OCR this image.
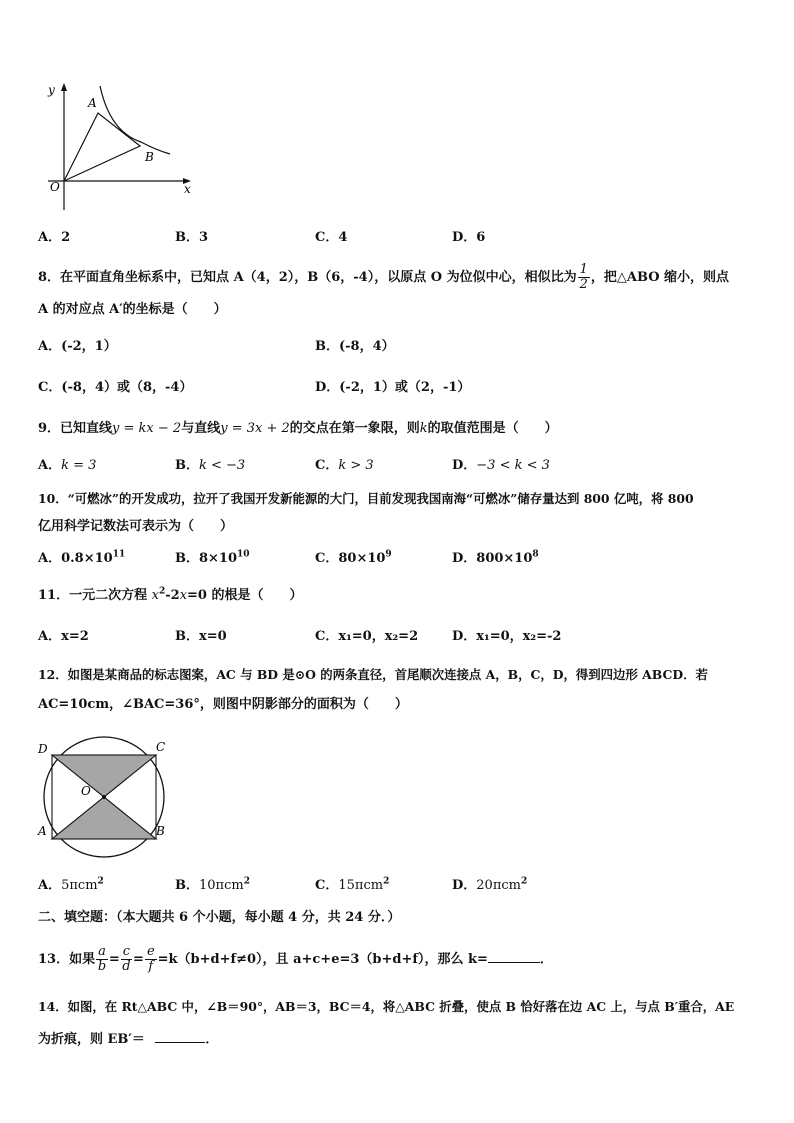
y
x
O
A
B
A．2	B．3	C．4	D．6
8．在平面直角坐标系中，已知点 A（4，2），B（6，-4），以原点 O 为位似中心，相似比为 $\frac{1}{2}$ ，把△ABO 缩小，则点
A 的对应点 A′的坐标是（　　）
A．(-2，1）	B．(-8，4）
C．(-8，4）或（8，-4）	D．(-2，1）或（2，-1）
9．已知直线y = kx − 2与直线y = 3x + 2的交点在第一象限，则k的取值范围是（　　）
A．k = 3	B．k < −3	C．k > 3	D．−3 < k < 3
10．“可燃冰”的开发成功，拉开了我国开发新能源的大门，目前发现我国南海“可燃冰”储存量达到 800 亿吨，将 800
亿用科学记数法可表示为（　　）
A．$0.8\times 10^{11}$	B．$8\times 10^{10}$	C．$80\times 10^9$	D．$800\times 10^8$
11．一元二次方程 $x^2-2x=0$ 的根是（　　）
A．x=2	B．x=0	C．x₁=0，x₂=2	D．x₁=0，x₂=-2
12．如图是某商品的标志图案，AC 与 BD 是⊙O 的两条直径，首尾顺次连接点 A，B，C，D，得到四边形 ABCD．若
AC=10cm，∠BAC=36°，则图中阴影部分的面积为（　　）
D	C
O
A	B
A．5πcm$^2$	B．10πcm$^2$	C．15πcm$^2$	D．20πcm$^2$
二、填空题：（本大题共 6 个小题，每小题 4 分，共 24 分．）
13．如果 $\frac{a}{b} = \frac{c}{d} = \frac{e}{f} =k(b+d+f\ne 0)$，且 a+c+e=3（b+d+f），那么 k=	．
14．如图，在 Rt△ABC 中，∠B＝90°，AB＝3，BC＝4，将△ABC 折叠，使点 B 恰好落在边 AC 上，与点 B′重合，AE
为折痕，则 EB′＝	．
